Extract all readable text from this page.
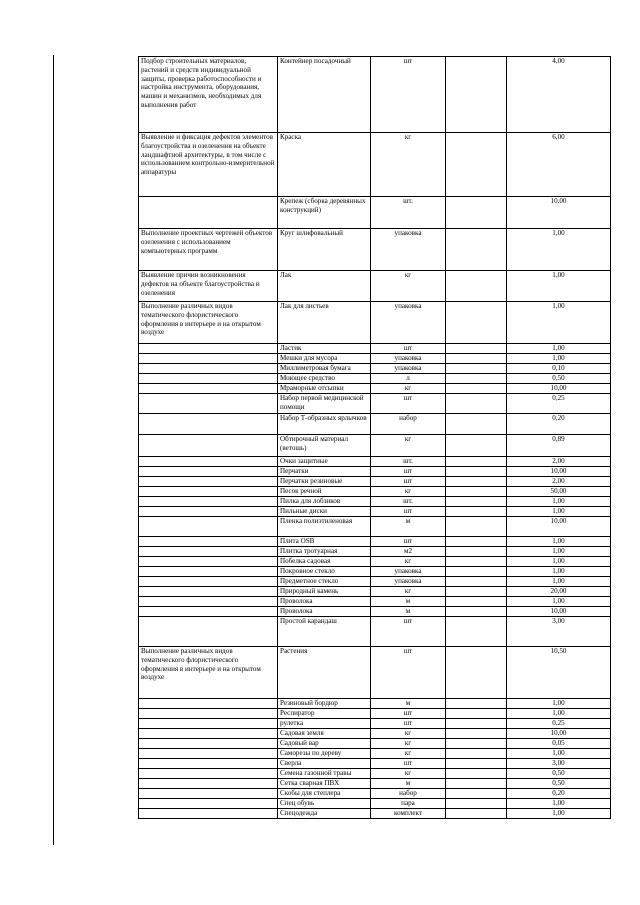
Подбор строительных материалов, растений и средств индивидуальной защиты, проверка работоспособности и настройка инструмента, оборудования, машин и механизмов, необходимых для выполнения работ	Контейнер посадочный	шт		4,00
Выявление и фиксация дефектов элементов благоустройства и озеленения на объекте ландшафтной архитектуры, в том числе с использованием контрольно-измерительной аппаратуры	Краска	кг		6,00
	Крепеж (сборка деревянных конструкций)	шт.		10,00
Выполнение проектных чертежей объектов озеленения с использованием компьютерных программ	Круг шлифовальный	упаковка		1,00
Выявление причин возникновения дефектов на объекте благоустройства и озеленения	Лак	кг		1,00
Выполнение различных видов тематического флористического оформления в интерьере и на открытом воздухе	Лак для листьев	упаковка		1,00
	Ластик	шт		1,00
	Мешки для мусора	упаковка		1,00
	Миллиметровая бумага	упаковка		0,10
	Моющее средство	л		0,50
	Мраморные отсыпки	кг		10,00
	Набор первой медицинской помощи	шт		0,25
	Набор Т-образных ярлычков	набор		0,20
	Обтирочный материал (ветошь)	кг		0,89
	Очки защитные	шт.		2,00
	Перчатки	шт		10,00
	Перчатки резиновые	шт		2,00
	Песок речной	кг		50,00
	Пилка для лобзиков	шт.		1,00
	Пильные диски	шт		1,00
	Пленка полиэтиленовая	м		10,00
	Плита OSB	шт		1,00
	Плитка тротуарная	м2		1,00
	Побелка садовая	кг		1,00
	Покровное стекло	упаковка		1,00
	Предметное стекло	упаковка		1,00
	Природный камень	кг		20,00
	Проволока	м		1,00
	Проволока	м		10,00
	Простой карандаш	шт		3,00
Выполнение различных видов тематического флористического оформления в интерьере и на открытом воздухе	Растения	шт		10,50
	Резиновый бордюр	м		1,00
	Респиратор	шт		1,00
	рулетка	шт		0,25
	Садовая земля	кг		10,00
	Садовый вар	кг		0,05
	Саморезы по дереву	кг		1,00
	Сверла	шт		3,00
	Семена газонной травы	кг		0,50
	Сетка сварная ПВХ	м		0,50
	Скобы для степлера	набор		0,20
	Спец обувь	пара		1,00
	Спецодежда	комплект		1,00
